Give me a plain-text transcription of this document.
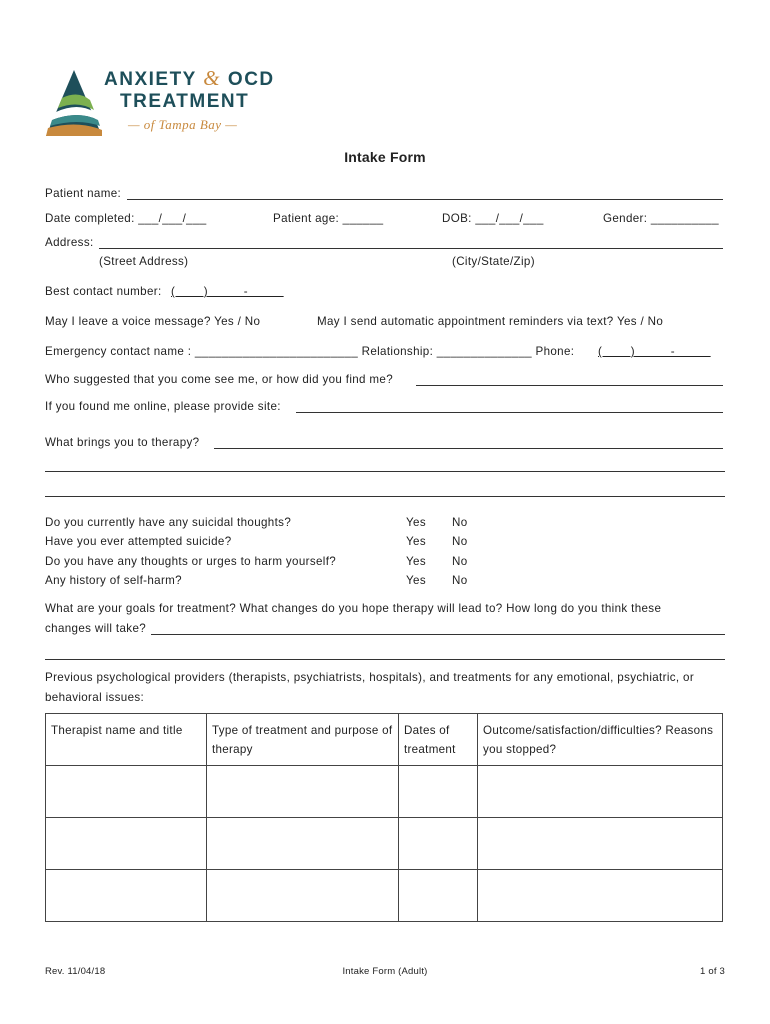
ANXIETY & OCD
TREATMENT
— of Tampa Bay —
Intake Form
Patient name:
Date completed: ___/___/___	Patient age: ______	DOB: ___/___/___	Gender: __________
Address:
(Street Address)	(City/State/Zip)
Best contact number: (        )          -
May I leave a voice message? Yes / No	May I send automatic appointment reminders via text? Yes / No
Emergency contact name : ________________________ Relationship: ______________ Phone: (        )          -
Who suggested that you come see me, or how did you find me?
If you found me online, please provide site:
What brings you to therapy?
Do you currently have any suicidal thoughts?	Yes No
Have you ever attempted suicide?	Yes No
Do you have any thoughts or urges to harm yourself?	Yes No
Any history of self-harm?	Yes No
What are your goals for treatment? What changes do you hope therapy will lead to? How long do you think these
changes will take?
Previous psychological providers (therapists, psychiatrists, hospitals), and treatments for any emotional, psychiatric, or
behavioral issues:
Therapist name and title	Type of treatment and purpose of therapy	Dates of treatment	Outcome/satisfaction/difficulties? Reasons you stopped?

Rev. 11/04/18	Intake Form (Adult)	1 of 3
